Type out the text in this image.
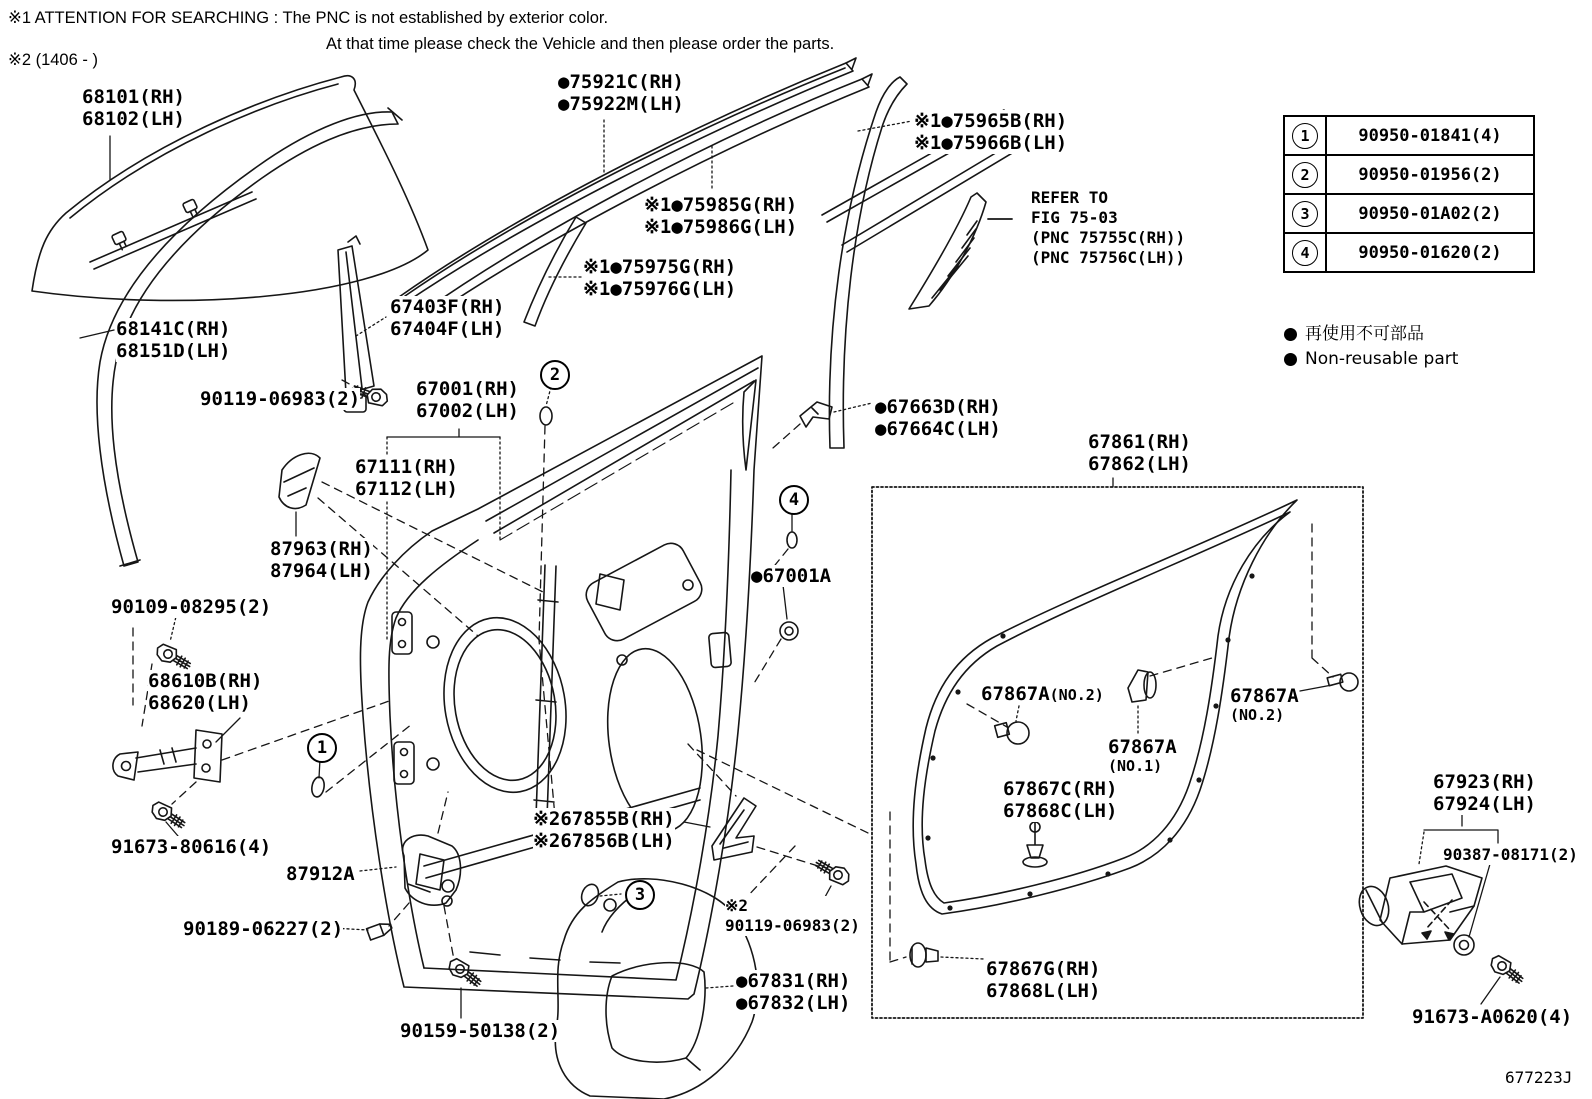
※1 ATTENTION FOR SEARCHING : The PNC is not established by exterior color.
At that time please check the Vehicle and then please order the parts.
※2 (1406 - )
68101(RH)
68102(LH)
●75921C(RH)
●75922M(LH)
※1●75965B(RH)
※1●75966B(LH)
※1●75985G(RH)
※1●75986G(LH)
※1●75975G(RH)
※1●75976G(LH)
67403F(RH)
67404F(LH)
68141C(RH)
68151D(LH)
REFER TO
FIG 75-03
(PNC 75755C(RH))
(PNC 75756C(LH))
90119-06983(2)	67001(RH)
67002(LH)
67111(RH)
67112(LH)
87963(RH)
87964(LH)
90109-08295(2)
68610B(RH)
68620(LH)
91673-80616(4)
87912A
90189-06227(2)
90159-50138(2)
※267855B(RH)
※267856B(LH)
※2
90119-06983(2)
●67831(RH)
●67832(LH)
●67663D(RH)
●67664C(LH)
●67001A
67861(RH)
67862(LH)
67867A (NO.2)
67867A
(NO.1)
67867A
(NO.2)
67867C(RH)
67868C(LH)
67867G(RH)
67868L(LH)
67923(RH)
67924(LH)
90387-08171(2)
91673-A0620(4)
1
2
3
4
1	90950-01841(4)
2	90950-01956(2)
3	90950-01A02(2)
4	90950-01620(2)
再使用不可部品
Non-reusable part
677223J
